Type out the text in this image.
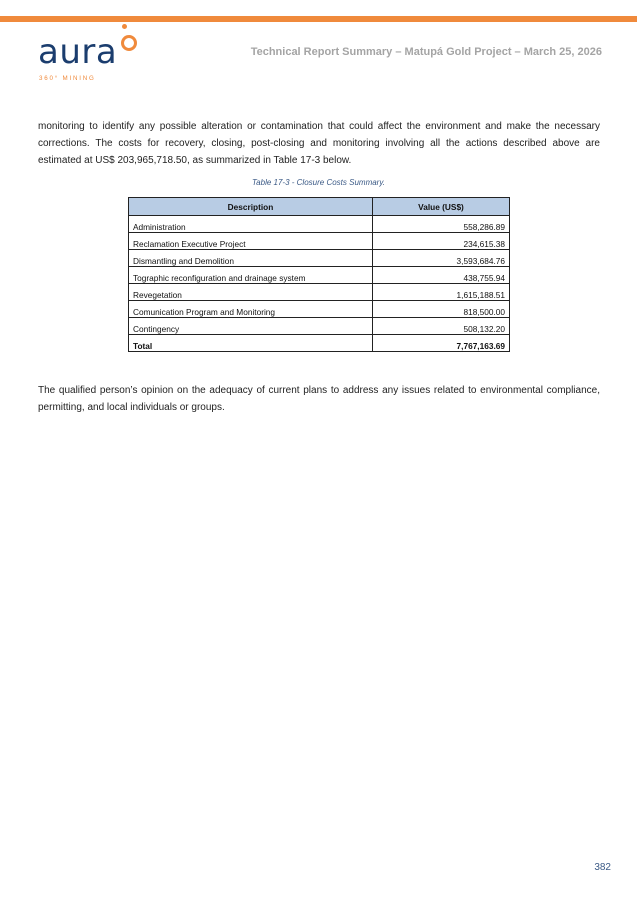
aura
360° MINING
Technical Report Summary – Matupá Gold Project – March 25, 2026

monitoring to identify any possible alteration or contamination that could affect the environment and make the necessary corrections. The costs for recovery, closing, post-closing and monitoring involving all the actions described above are estimated at US$ 203,965,718.50, as summarized in Table 17-3 below.

Table 17-3 - Closure Costs Summary.
Description	Value (US$)
Administration	558,286.89
Reclamation Executive Project	234,615.38
Dismantling and Demolition	3,593,684.76
Tographic reconfiguration and drainage system	438,755.94
Revegetation	1,615,188.51
Comunication Program and Monitoring	818,500.00
Contingency	508,132.20
Total	7,767,163.69

The qualified person’s opinion on the adequacy of current plans to address any issues related to environmental compliance, permitting, and local individuals or groups.

382
